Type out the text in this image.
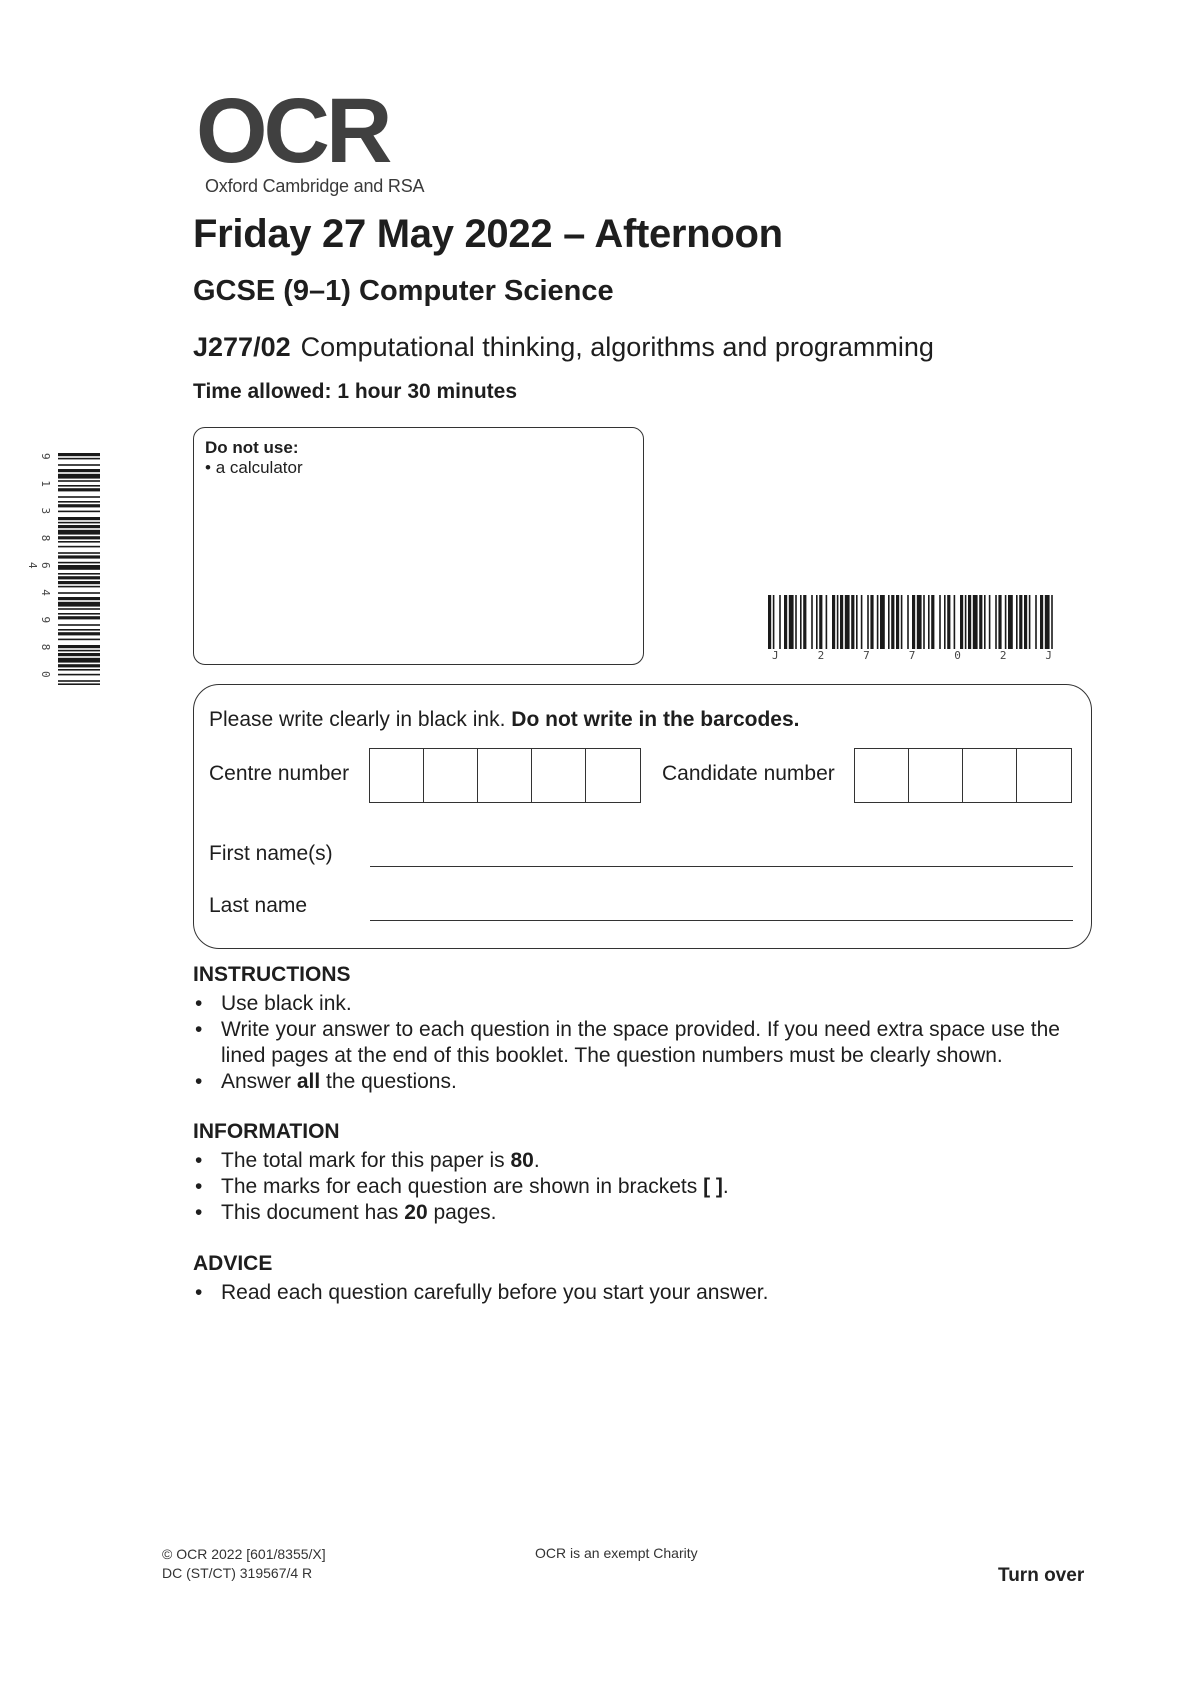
OCR
Oxford Cambridge and RSA
Friday 27 May 2022 – Afternoon
GCSE (9–1) Computer Science
J277/02 Computational thinking, algorithms and programming
Time allowed: 1 hour 30 minutes
Do not use:
• a calculator
9 1 3 8 6 4 9 8 0 4
J	2	7	7	0	2	J
Please write clearly in black ink. Do not write in the barcodes.
Centre number	Candidate number
First name(s)
Last name
INSTRUCTIONS
• Use black ink.
• Write your answer to each question in the space provided. If you need extra space use the lined pages at the end of this booklet. The question numbers must be clearly shown.
• Answer all the questions.
INFORMATION
• The total mark for this paper is 80.
• The marks for each question are shown in brackets [ ].
• This document has 20 pages.
ADVICE
• Read each question carefully before you start your answer.
© OCR 2022 [601/8355/X]
DC (ST/CT) 319567/4 R
OCR is an exempt Charity
Turn over
